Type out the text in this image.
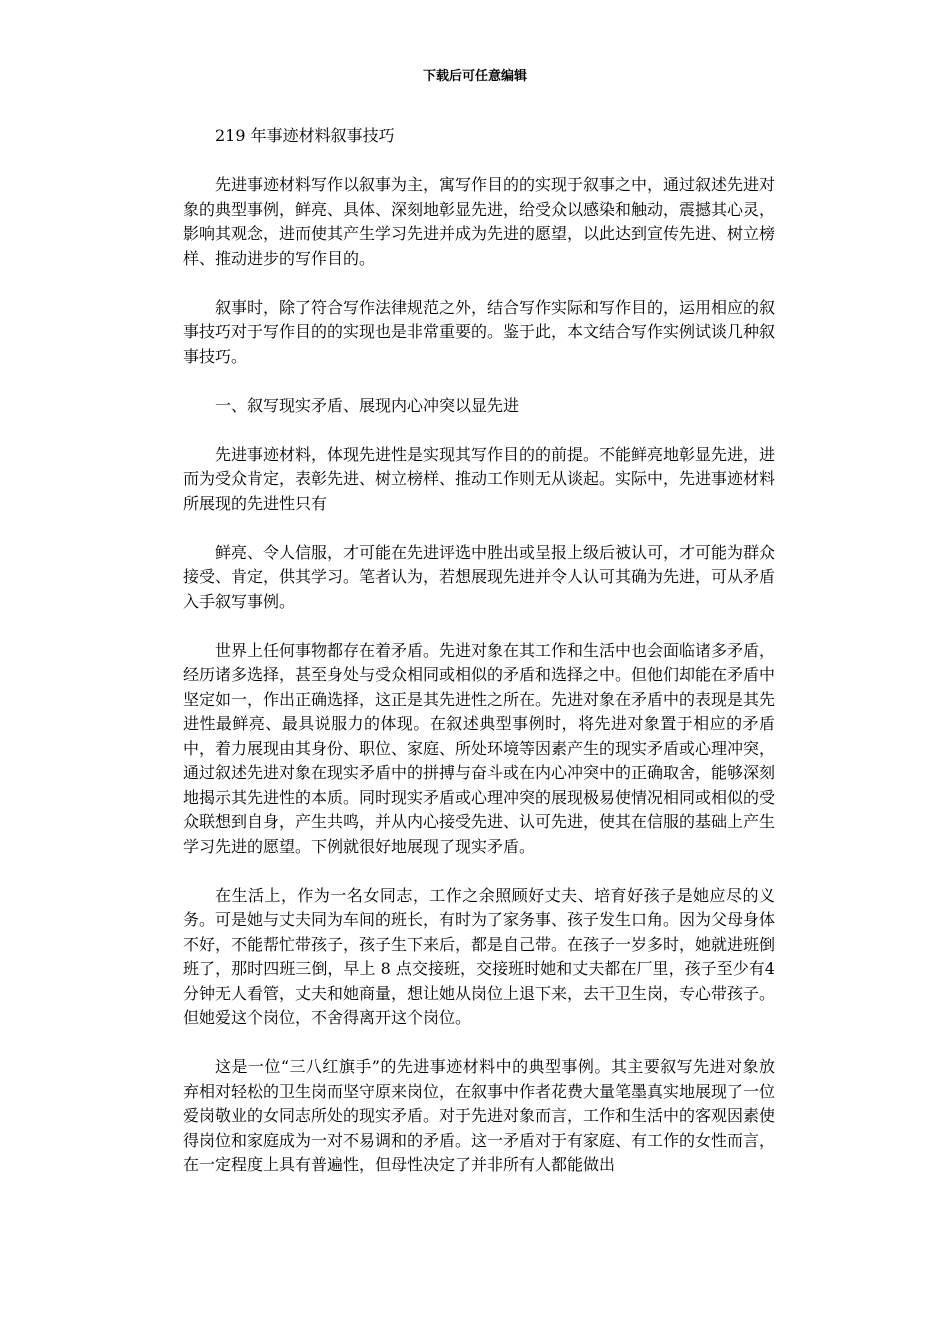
下载后可任意编辑

219 年事迹材料叙事技巧

先进事迹材料写作以叙事为主，寓写作目的的实现于叙事之中，通过叙述先进对象的典型事例，鲜亮、具体、深刻地彰显先进，给受众以感染和触动，震撼其心灵，影响其观念，进而使其产生学习先进并成为先进的愿望，以此达到宣传先进、树立榜样、推动进步的写作目的。

叙事时，除了符合写作法律规范之外，结合写作实际和写作目的，运用相应的叙事技巧对于写作目的的实现也是非常重要的。鉴于此，本文结合写作实例试谈几种叙事技巧。

一、叙写现实矛盾、展现内心冲突以显先进

先进事迹材料，体现先进性是实现其写作目的的前提。不能鲜亮地彰显先进，进而为受众肯定，表彰先进、树立榜样、推动工作则无从谈起。实际中，先进事迹材料所展现的先进性只有

鲜亮、令人信服，才可能在先进评选中胜出或呈报上级后被认可，才可能为群众接受、肯定，供其学习。笔者认为，若想展现先进并令人认可其确为先进，可从矛盾入手叙写事例。

世界上任何事物都存在着矛盾。先进对象在其工作和生活中也会面临诸多矛盾，经历诸多选择，甚至身处与受众相同或相似的矛盾和选择之中。但他们却能在矛盾中坚定如一，作出正确选择，这正是其先进性之所在。先进对象在矛盾中的表现是其先进性最鲜亮、最具说服力的体现。在叙述典型事例时，将先进对象置于相应的矛盾中，着力展现由其身份、职位、家庭、所处环境等因素产生的现实矛盾或心理冲突，通过叙述先进对象在现实矛盾中的拼搏与奋斗或在内心冲突中的正确取舍，能够深刻地揭示其先进性的本质。同时现实矛盾或心理冲突的展现极易使情况相同或相似的受众联想到自身，产生共鸣，并从内心接受先进、认可先进，使其在信服的基础上产生学习先进的愿望。下例就很好地展现了现实矛盾。

在生活上，作为一名女同志，工作之余照顾好丈夫、培育好孩子是她应尽的义务。可是她与丈夫同为车间的班长，有时为了家务事、孩子发生口角。因为父母身体不好，不能帮忙带孩子，孩子生下来后，都是自己带。在孩子一岁多时，她就进班倒班了，那时四班三倒，早上 8 点交接班，交接班时她和丈夫都在厂里，孩子至少有4 分钟无人看管，丈夫和她商量，想让她从岗位上退下来，去干卫生岗，专心带孩子。但她爱这个岗位，不舍得离开这个岗位。

这是一位“三八红旗手”的先进事迹材料中的典型事例。其主要叙写先进对象放弃相对轻松的卫生岗而坚守原来岗位，在叙事中作者花费大量笔墨真实地展现了一位爱岗敬业的女同志所处的现实矛盾。对于先进对象而言，工作和生活中的客观因素使得岗位和家庭成为一对不易调和的矛盾。这一矛盾对于有家庭、有工作的女性而言，在一定程度上具有普遍性，但母性决定了并非所有人都能做出
